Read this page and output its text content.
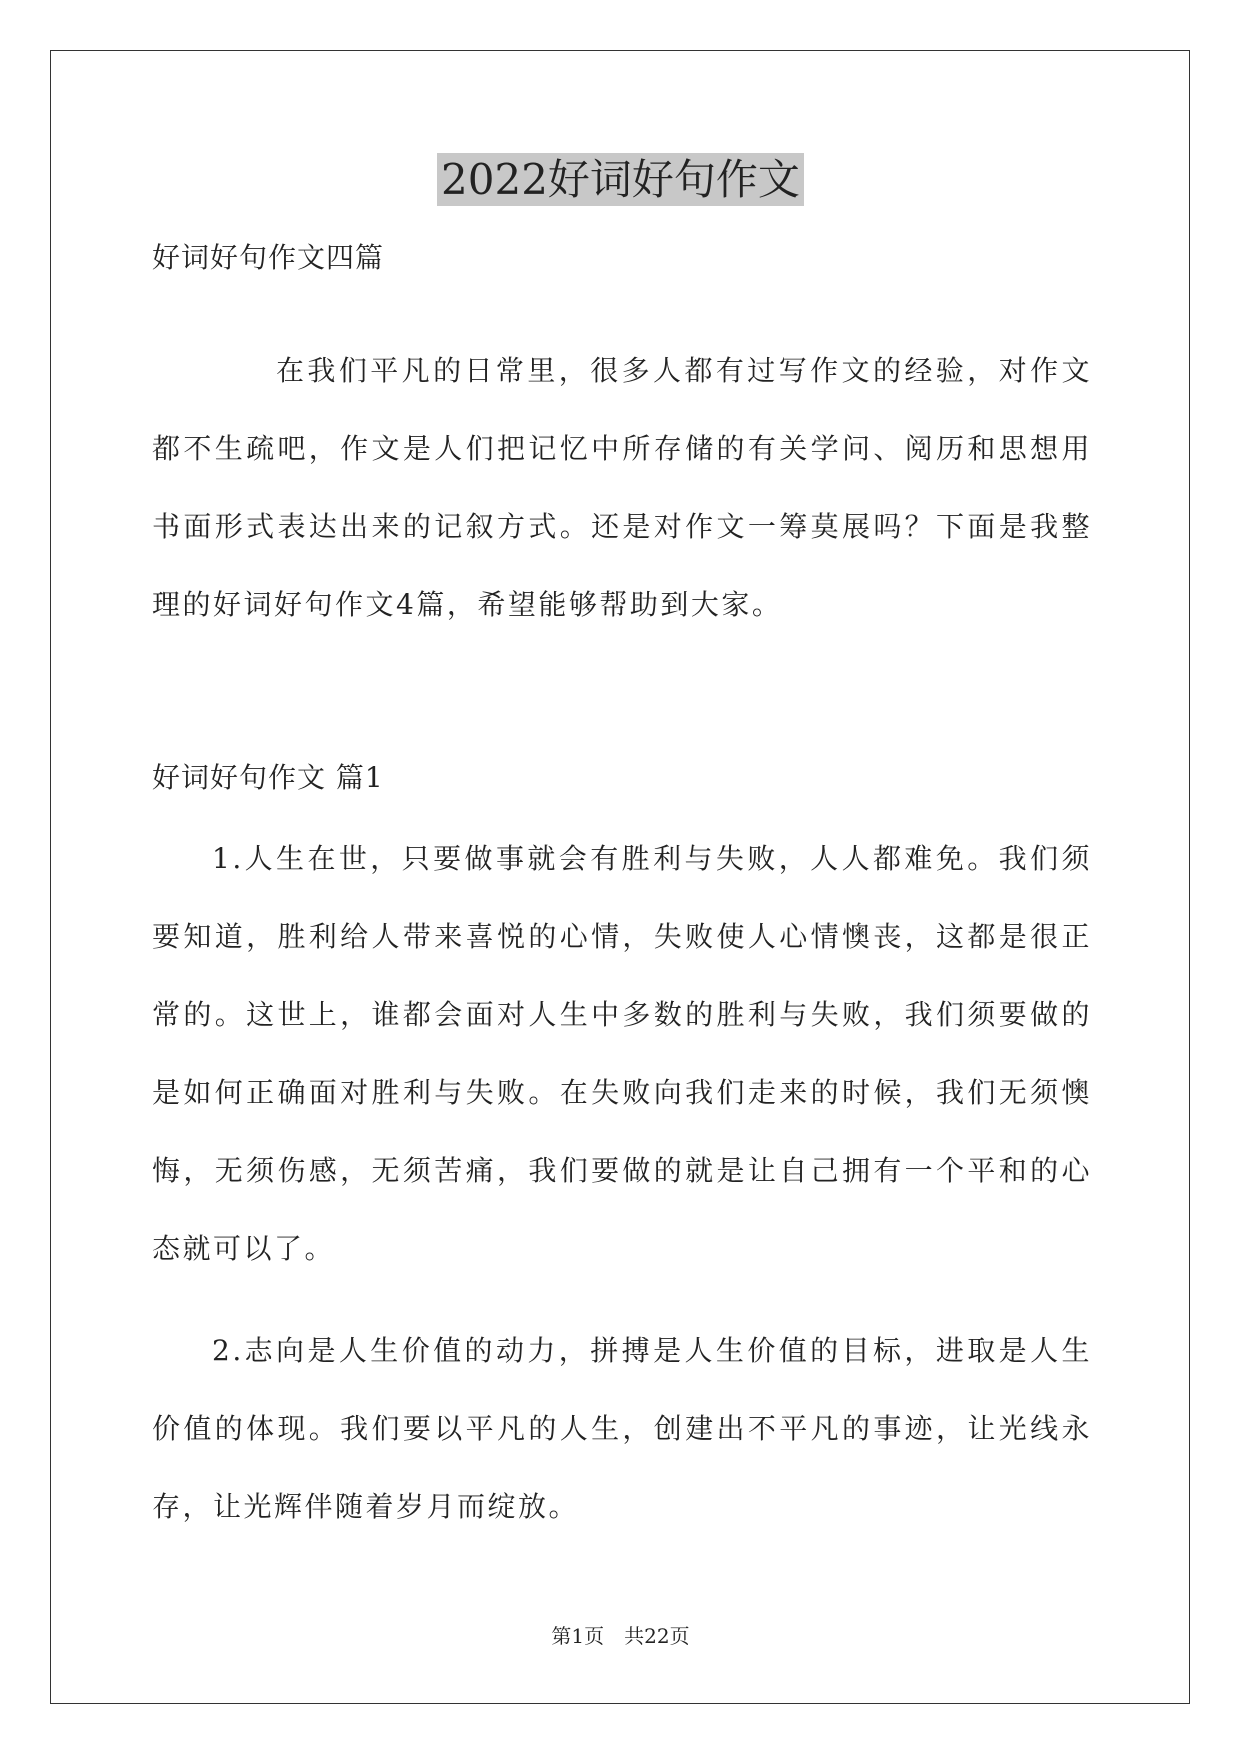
2022好词好句作文
好词好句作文四篇
在我们平凡的日常里，很多人都有过写作文的经验，对作文都不生疏吧，作文是人们把记忆中所存储的有关学问、阅历和思想用书面形式表达出来的记叙方式。还是对作文一筹莫展吗？下面是我整理的好词好句作文4篇，希望能够帮助到大家。
好词好句作文 篇1
1.人生在世，只要做事就会有胜利与失败，人人都难免。我们须要知道，胜利给人带来喜悦的心情，失败使人心情懊丧，这都是很正常的。这世上，谁都会面对人生中多数的胜利与失败，我们须要做的是如何正确面对胜利与失败。在失败向我们走来的时候，我们无须懊悔，无须伤感，无须苦痛，我们要做的就是让自己拥有一个平和的心态就可以了。
2.志向是人生价值的动力，拼搏是人生价值的目标，进取是人生价值的体现。我们要以平凡的人生，创建出不平凡的事迹，让光线永存，让光辉伴随着岁月而绽放。
第1页　共22页
